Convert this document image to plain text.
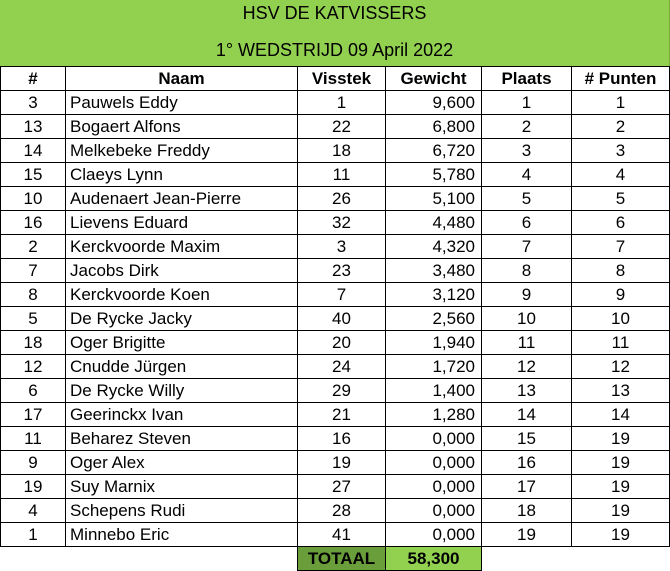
HSV DE KATVISSERS
1° WEDSTRIJD 09 April 2022
#	Naam	Visstek	Gewicht	Plaats	# Punten
3	Pauwels Eddy	1	9,600	1	1
13	Bogaert Alfons	22	6,800	2	2
14	Melkebeke Freddy	18	6,720	3	3
15	Claeys Lynn	11	5,780	4	4
10	Audenaert Jean-Pierre	26	5,100	5	5
16	Lievens Eduard	32	4,480	6	6
2	Kerckvoorde Maxim	3	4,320	7	7
7	Jacobs Dirk	23	3,480	8	8
8	Kerckvoorde Koen	7	3,120	9	9
5	De Rycke Jacky	40	2,560	10	10
18	Oger Brigitte	20	1,940	11	11
12	Cnudde Jürgen	24	1,720	12	12
6	De Rycke Willy	29	1,400	13	13
17	Geerinckx Ivan	21	1,280	14	14
11	Beharez Steven	16	0,000	15	19
9	Oger Alex	19	0,000	16	19
19	Suy Marnix	27	0,000	17	19
4	Schepens Rudi	28	0,000	18	19
1	Minnebo Eric	41	0,000	19	19
		TOTAAL	58,300		
